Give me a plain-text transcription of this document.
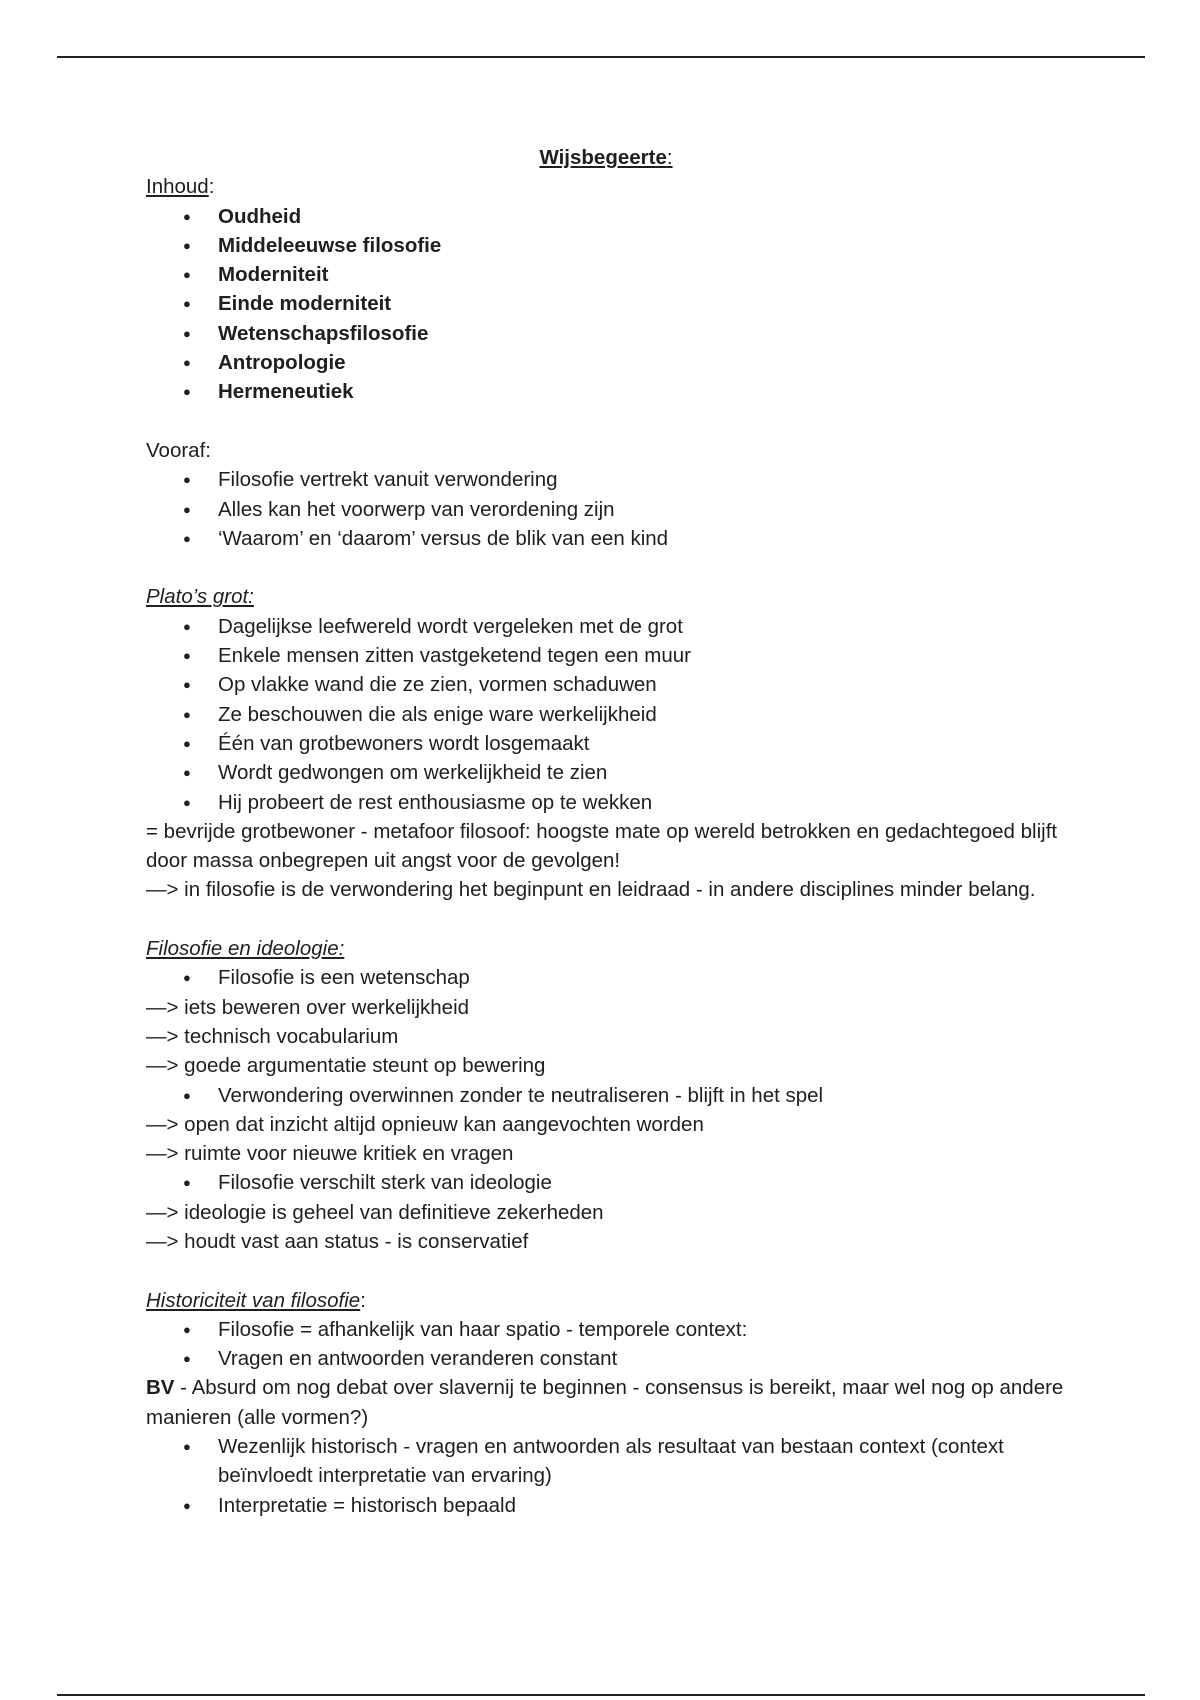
Wijsbegeerte:

Inhoud:

● Oudheid
● Middeleeuwse filosofie
● Moderniteit
● Einde moderniteit
● Wetenschapsfilosofie
● Antropologie
● Hermeneutiek

Vooraf:

● Filosofie vertrekt vanuit verwondering
● Alles kan het voorwerp van verordening zijn
● ‘Waarom’ en ‘daarom’ versus de blik van een kind

Plato’s grot:

● Dagelijkse leefwereld wordt vergeleken met de grot
● Enkele mensen zitten vastgeketend tegen een muur
● Op vlakke wand die ze zien, vormen schaduwen
● Ze beschouwen die als enige ware werkelijkheid
● Één van grotbewoners wordt losgemaakt
● Wordt gedwongen om werkelijkheid te zien
● Hij probeert de rest enthousiasme op te wekken

= bevrijde grotbewoner - metafoor filosoof: hoogste mate op wereld betrokken en gedachtegoed blijft door massa onbegrepen uit angst voor de gevolgen!

—> in filosofie is de verwondering het beginpunt en leidraad - in andere disciplines minder belang.

Filosofie en ideologie:

● Filosofie is een wetenschap

—> iets beweren over werkelijkheid

—> technisch vocabularium

—> goede argumentatie steunt op bewering

● Verwondering overwinnen zonder te neutraliseren - blijft in het spel

—> open dat inzicht altijd opnieuw kan aangevochten worden

—> ruimte voor nieuwe kritiek en vragen

● Filosofie verschilt sterk van ideologie

—> ideologie is geheel van definitieve zekerheden

—> houdt vast aan status - is conservatief

Historiciteit van filosofie:

● Filosofie = afhankelijk van haar spatio - temporele context:
● Vragen en antwoorden veranderen constant

BV - Absurd om nog debat over slavernij te beginnen - consensus is bereikt, maar wel nog op andere manieren (alle vormen?)

● Wezenlijk historisch - vragen en antwoorden als resultaat van bestaan context (context beïnvloedt interpretatie van ervaring)
● Interpretatie = historisch bepaald
